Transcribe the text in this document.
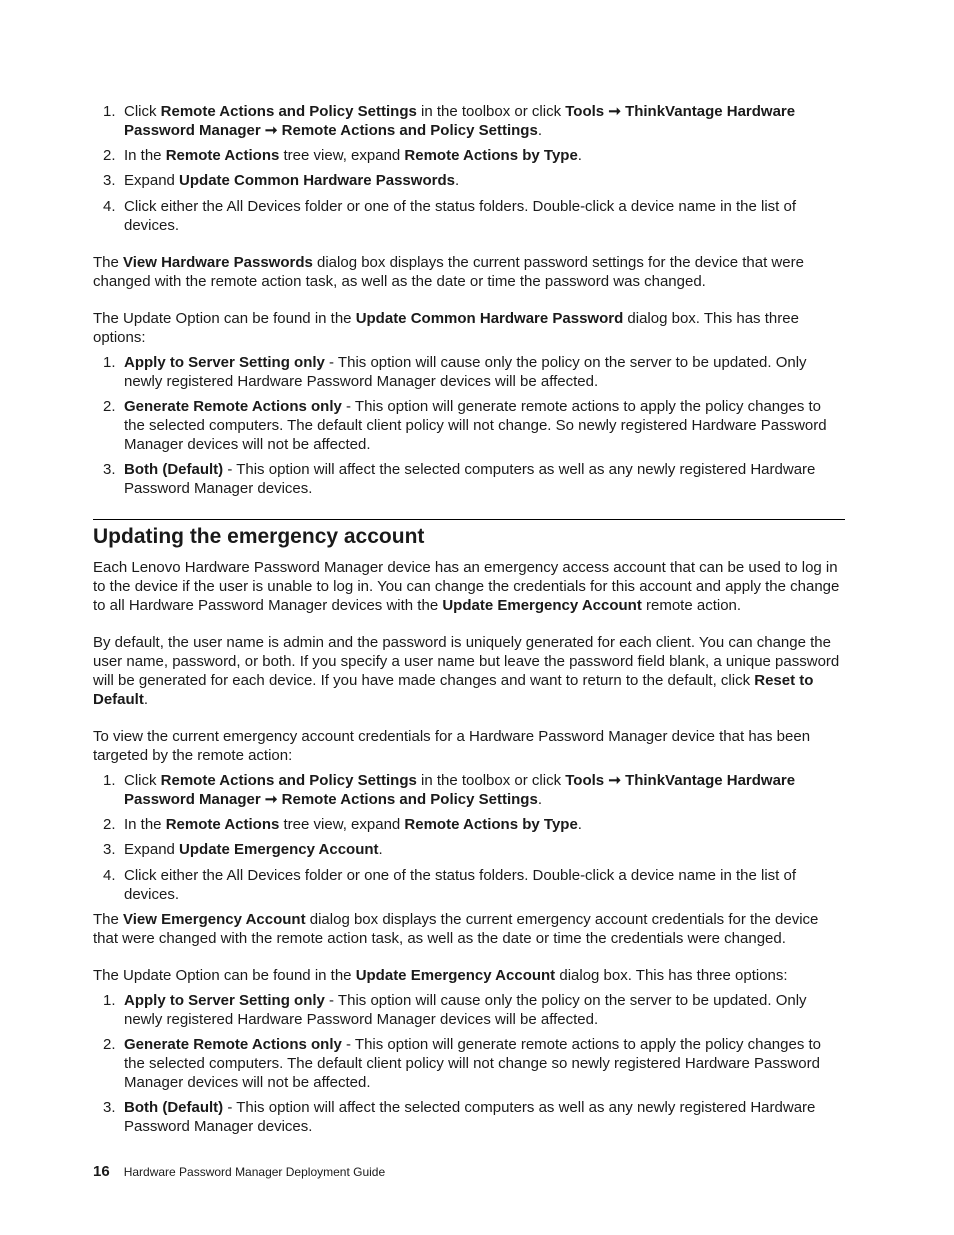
1. Click Remote Actions and Policy Settings in the toolbox or click Tools ➞ ThinkVantage Hardware Password Manager ➞ Remote Actions and Policy Settings.
2. In the Remote Actions tree view, expand Remote Actions by Type.
3. Expand Update Common Hardware Passwords.
4. Click either the All Devices folder or one of the status folders. Double-click a device name in the list of devices.

The View Hardware Passwords dialog box displays the current password settings for the device that were changed with the remote action task, as well as the date or time the password was changed.

The Update Option can be found in the Update Common Hardware Password dialog box. This has three options:

1. Apply to Server Setting only - This option will cause only the policy on the server to be updated. Only newly registered Hardware Password Manager devices will be affected.
2. Generate Remote Actions only - This option will generate remote actions to apply the policy changes to the selected computers. The default client policy will not change. So newly registered Hardware Password Manager devices will not be affected.
3. Both (Default) - This option will affect the selected computers as well as any newly registered Hardware Password Manager devices.
Updating the emergency account

Each Lenovo Hardware Password Manager device has an emergency access account that can be used to log in to the device if the user is unable to log in. You can change the credentials for this account and apply the change to all Hardware Password Manager devices with the Update Emergency Account remote action.

By default, the user name is admin and the password is uniquely generated for each client. You can change the user name, password, or both. If you specify a user name but leave the password field blank, a unique password will be generated for each device. If you have made changes and want to return to the default, click Reset to Default.

To view the current emergency account credentials for a Hardware Password Manager device that has been targeted by the remote action:

1. Click Remote Actions and Policy Settings in the toolbox or click Tools ➞ ThinkVantage Hardware Password Manager ➞ Remote Actions and Policy Settings.
2. In the Remote Actions tree view, expand Remote Actions by Type.
3. Expand Update Emergency Account.
4. Click either the All Devices folder or one of the status folders. Double-click a device name in the list of devices.

The View Emergency Account dialog box displays the current emergency account credentials for the device that were changed with the remote action task, as well as the date or time the credentials were changed.

The Update Option can be found in the Update Emergency Account dialog box. This has three options:

1. Apply to Server Setting only - This option will cause only the policy on the server to be updated. Only newly registered Hardware Password Manager devices will be affected.
2. Generate Remote Actions only - This option will generate remote actions to apply the policy changes to the selected computers. The default client policy will not change so newly registered Hardware Password Manager devices will not be affected.
3. Both (Default) - This option will affect the selected computers as well as any newly registered Hardware Password Manager devices.
16 Hardware Password Manager Deployment Guide
